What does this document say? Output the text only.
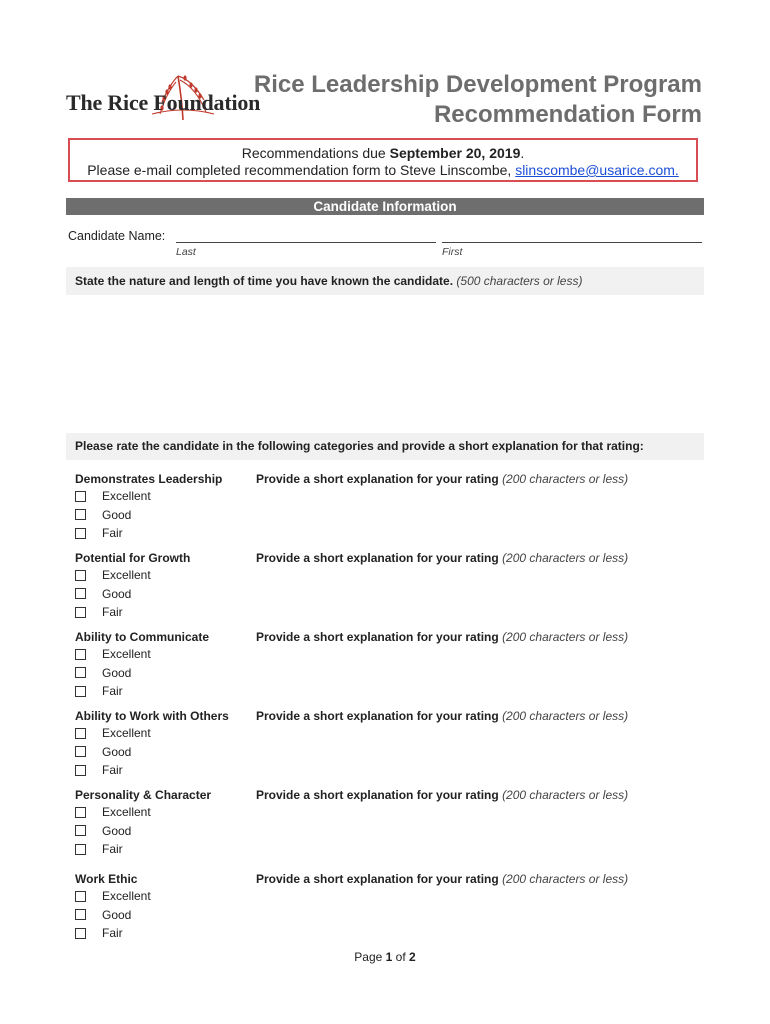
The Rice Foundation
Rice Leadership Development Program
Recommendation Form
Recommendations due September 20, 2019.
Please e-mail completed recommendation form to Steve Linscombe, slinscombe@usarice.com.
Candidate Information
Candidate Name:
Last	First
State the nature and length of time you have known the candidate. (500 characters or less)
Please rate the candidate in the following categories and provide a short explanation for that rating:
Demonstrates Leadership	Provide a short explanation for your rating (200 characters or less)
Excellent
Good
Fair
Potential for Growth	Provide a short explanation for your rating (200 characters or less)
Excellent
Good
Fair
Ability to Communicate	Provide a short explanation for your rating (200 characters or less)
Excellent
Good
Fair
Ability to Work with Others Provide a short explanation for your rating (200 characters or less)
Excellent
Good
Fair
Personality & Character	Provide a short explanation for your rating (200 characters or less)
Excellent
Good
Fair
Work Ethic	Provide a short explanation for your rating (200 characters or less)
Excellent
Good
Fair
Page 1 of 2
